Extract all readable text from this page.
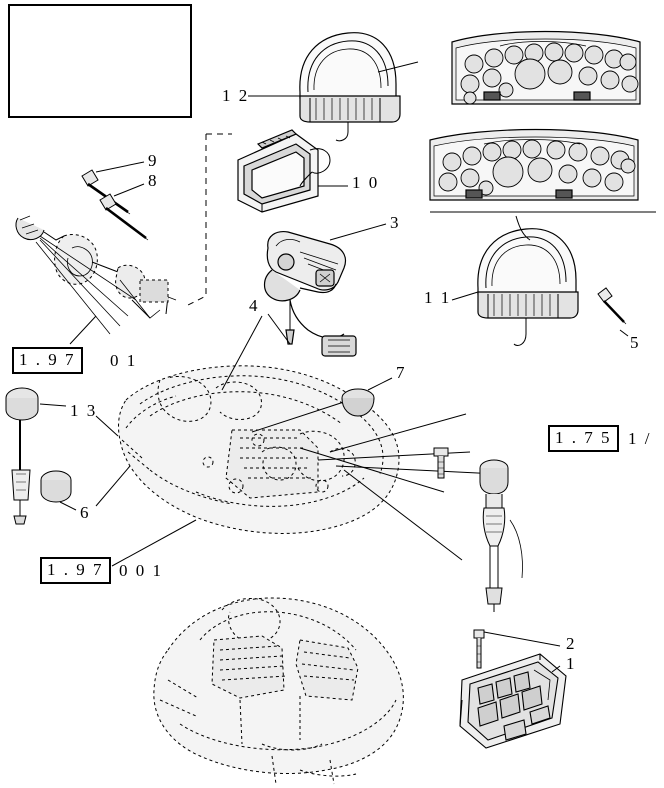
1 2
1 0
9
8
3
4	1 1
5
7
1 3
6
2
1
1 . 9 7	0 1
1 . 7 5 1 /
1 . 9 7 0 0 1
